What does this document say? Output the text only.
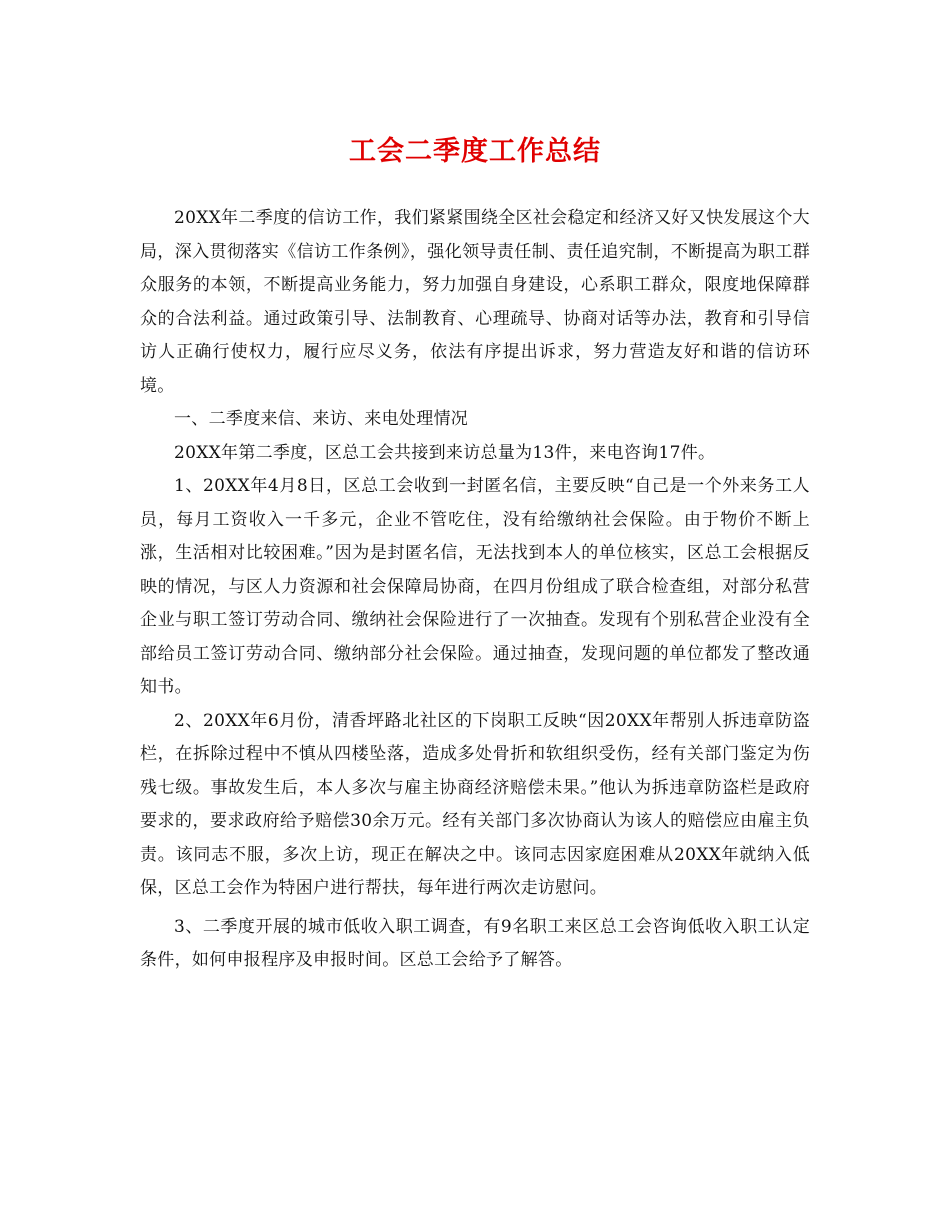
工会二季度工作总结

20XX年二季度的信访工作，我们紧紧围绕全区社会稳定和经济又好又快发展这个大局，深入贯彻落实《信访工作条例》，强化领导责任制、责任追究制，不断提高为职工群众服务的本领，不断提高业务能力，努力加强自身建设，心系职工群众，限度地保障群众的合法利益。通过政策引导、法制教育、心理疏导、协商对话等办法，教育和引导信访人正确行使权力，履行应尽义务，依法有序提出诉求，努力营造友好和谐的信访环境。

一、二季度来信、来访、来电处理情况

20XX年第二季度，区总工会共接到来访总量为13件，来电咨询17件。

1、20XX年4月8日，区总工会收到一封匿名信，主要反映“自己是一个外来务工人员，每月工资收入一千多元，企业不管吃住，没有给缴纳社会保险。由于物价不断上涨，生活相对比较困难。”因为是封匿名信，无法找到本人的单位核实，区总工会根据反映的情况，与区人力资源和社会保障局协商，在四月份组成了联合检查组，对部分私营企业与职工签订劳动合同、缴纳社会保险进行了一次抽查。发现有个别私营企业没有全部给员工签订劳动合同、缴纳部分社会保险。通过抽查，发现问题的单位都发了整改通知书。

2、20XX年6月份，清香坪路北社区的下岗职工反映“因20XX年帮别人拆违章防盗栏，在拆除过程中不慎从四楼坠落，造成多处骨折和软组织受伤，经有关部门鉴定为伤残七级。事故发生后，本人多次与雇主协商经济赔偿未果。”他认为拆违章防盗栏是政府要求的，要求政府给予赔偿30余万元。经有关部门多次协商认为该人的赔偿应由雇主负责。该同志不服，多次上访，现正在解决之中。该同志因家庭困难从20XX年就纳入低保，区总工会作为特困户进行帮扶，每年进行两次走访慰问。

3、二季度开展的城市低收入职工调查，有9名职工来区总工会咨询低收入职工认定条件，如何申报程序及申报时间。区总工会给予了解答。
